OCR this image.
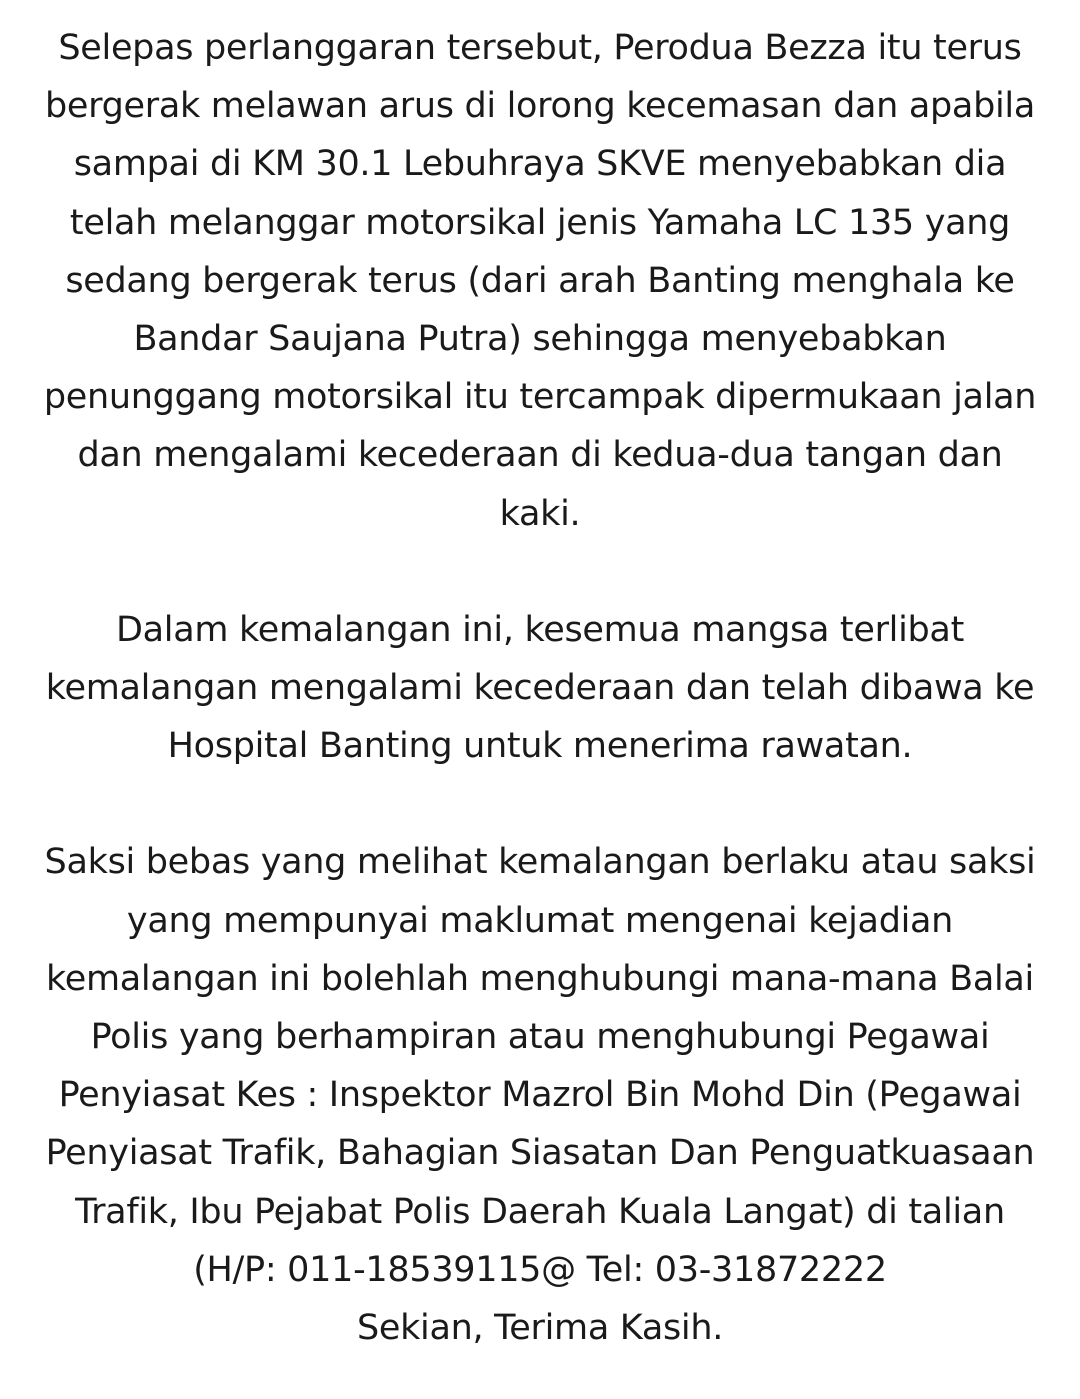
Selepas perlanggaran tersebut, Perodua Bezza itu terus
bergerak melawan arus di lorong kecemasan dan apabila
sampai di KM 30.1 Lebuhraya SKVE menyebabkan dia
telah melanggar motorsikal jenis Yamaha LC 135 yang
sedang bergerak terus (dari arah Banting menghala ke
Bandar Saujana Putra) sehingga menyebabkan
penunggang motorsikal itu tercampak dipermukaan jalan
dan mengalami kecederaan di kedua-dua tangan dan
kaki.

Dalam kemalangan ini, kesemua mangsa terlibat
kemalangan mengalami kecederaan dan telah dibawa ke
Hospital Banting untuk menerima rawatan.

Saksi bebas yang melihat kemalangan berlaku atau saksi
yang mempunyai maklumat mengenai kejadian
kemalangan ini bolehlah menghubungi mana-mana Balai
Polis yang berhampiran atau menghubungi Pegawai
Penyiasat Kes : Inspektor Mazrol Bin Mohd Din (Pegawai
Penyiasat Trafik, Bahagian Siasatan Dan Penguatkuasaan
Trafik, Ibu Pejabat Polis Daerah Kuala Langat) di talian
(H/P: 011-18539115@ Tel: 03-31872222

Sekian, Terima Kasih.
